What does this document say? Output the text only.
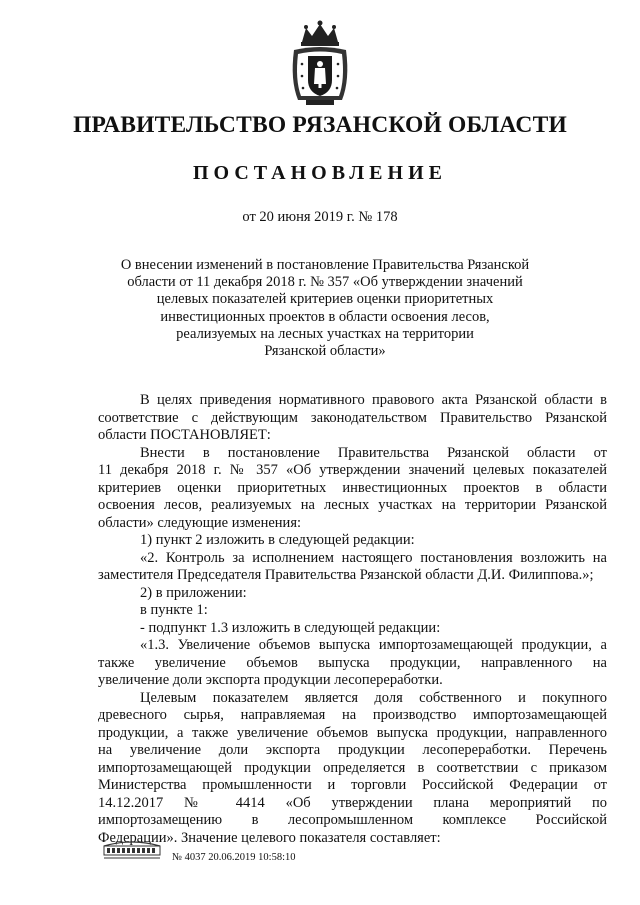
ПРАВИТЕЛЬСТВО РЯЗАНСКОЙ ОБЛАСТИ
ПОСТАНОВЛЕНИЕ
от 20 июня 2019 г. № 178
О внесении изменений в постановление Правительства Рязанской
области от 11 декабря 2018 г. № 357 «Об утверждении значений
целевых показателей критериев оценки приоритетных
инвестиционных проектов в области освоения лесов,
реализуемых на лесных участках на территории
Рязанской области»
В целях приведения нормативного правового акта Рязанской области в
соответствие с действующим законодательством Правительство Рязанской
области ПОСТАНОВЛЯЕТ:
Внести в постановление Правительства Рязанской области от
11 декабря 2018 г. № 357 «Об утверждении значений целевых показателей
критериев оценки приоритетных инвестиционных проектов в области
освоения лесов, реализуемых на лесных участках на территории Рязанской
области» следующие изменения:
1) пункт 2 изложить в следующей редакции:
«2. Контроль за исполнением настоящего постановления возложить на
заместителя Председателя Правительства Рязанской области Д.И. Филиппова.»;
2) в приложении:
в пункте 1:
- подпункт 1.3 изложить в следующей редакции:
«1.3. Увеличение объемов выпуска импортозамещающей продукции, а
также увеличение объемов выпуска продукции, направленного на
увеличение доли экспорта продукции лесопереработки.
Целевым показателем является доля собственного и покупного
древесного сырья, направляемая на производство импортозамещающей
продукции, а также увеличение объемов выпуска продукции, направленного
на увеличение доли экспорта продукции лесопереработки. Перечень
импортозамещающей продукции определяется в соответствии с приказом
Министерства промышленности и торговли Российской Федерации от
14.12.2017 № 4414 «Об утверждении плана мероприятий по
импортозамещению в лесопромышленном комплексе Российской
Федерации». Значение целевого показателя составляет:
№ 4037 20.06.2019 10:58:10
